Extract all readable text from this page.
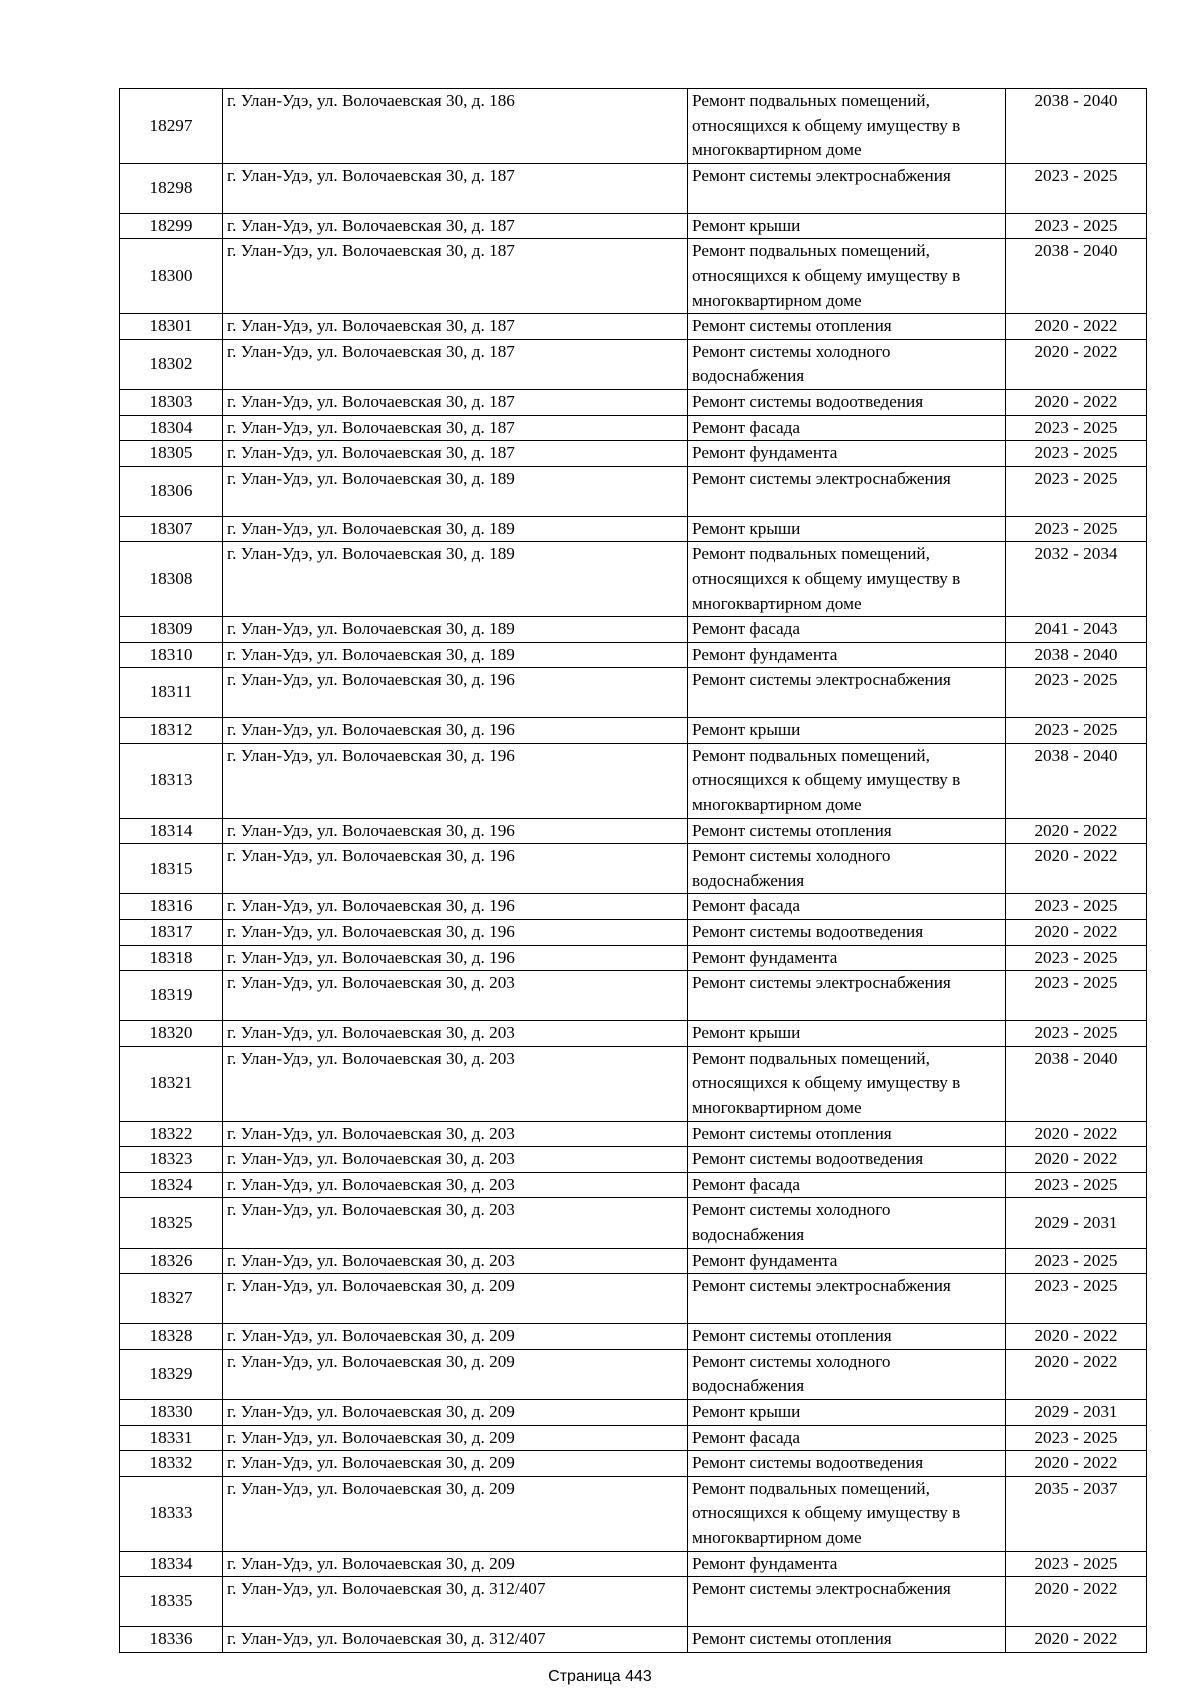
18297	г. Улан-Удэ, ул. Волочаевская 30, д. 186	Ремонт подвальных помещений, относящихся к общему имуществу в многоквартирном доме	2038 - 2040
18298	г. Улан-Удэ, ул. Волочаевская 30, д. 187	Ремонт системы электроснабжения	2023 - 2025
18299	г. Улан-Удэ, ул. Волочаевская 30, д. 187	Ремонт крыши	2023 - 2025
18300	г. Улан-Удэ, ул. Волочаевская 30, д. 187	Ремонт подвальных помещений, относящихся к общему имуществу в многоквартирном доме	2038 - 2040
18301	г. Улан-Удэ, ул. Волочаевская 30, д. 187	Ремонт системы отопления	2020 - 2022
18302	г. Улан-Удэ, ул. Волочаевская 30, д. 187	Ремонт системы холодного водоснабжения	2020 - 2022
18303	г. Улан-Удэ, ул. Волочаевская 30, д. 187	Ремонт системы водоотведения	2020 - 2022
18304	г. Улан-Удэ, ул. Волочаевская 30, д. 187	Ремонт фасада	2023 - 2025
18305	г. Улан-Удэ, ул. Волочаевская 30, д. 187	Ремонт фундамента	2023 - 2025
18306	г. Улан-Удэ, ул. Волочаевская 30, д. 189	Ремонт системы электроснабжения	2023 - 2025
18307	г. Улан-Удэ, ул. Волочаевская 30, д. 189	Ремонт крыши	2023 - 2025
18308	г. Улан-Удэ, ул. Волочаевская 30, д. 189	Ремонт подвальных помещений, относящихся к общему имуществу в многоквартирном доме	2032 - 2034
18309	г. Улан-Удэ, ул. Волочаевская 30, д. 189	Ремонт фасада	2041 - 2043
18310	г. Улан-Удэ, ул. Волочаевская 30, д. 189	Ремонт фундамента	2038 - 2040
18311	г. Улан-Удэ, ул. Волочаевская 30, д. 196	Ремонт системы электроснабжения	2023 - 2025
18312	г. Улан-Удэ, ул. Волочаевская 30, д. 196	Ремонт крыши	2023 - 2025
18313	г. Улан-Удэ, ул. Волочаевская 30, д. 196	Ремонт подвальных помещений, относящихся к общему имуществу в многоквартирном доме	2038 - 2040
18314	г. Улан-Удэ, ул. Волочаевская 30, д. 196	Ремонт системы отопления	2020 - 2022
18315	г. Улан-Удэ, ул. Волочаевская 30, д. 196	Ремонт системы холодного водоснабжения	2020 - 2022
18316	г. Улан-Удэ, ул. Волочаевская 30, д. 196	Ремонт фасада	2023 - 2025
18317	г. Улан-Удэ, ул. Волочаевская 30, д. 196	Ремонт системы водоотведения	2020 - 2022
18318	г. Улан-Удэ, ул. Волочаевская 30, д. 196	Ремонт фундамента	2023 - 2025
18319	г. Улан-Удэ, ул. Волочаевская 30, д. 203	Ремонт системы электроснабжения	2023 - 2025
18320	г. Улан-Удэ, ул. Волочаевская 30, д. 203	Ремонт крыши	2023 - 2025
18321	г. Улан-Удэ, ул. Волочаевская 30, д. 203	Ремонт подвальных помещений, относящихся к общему имуществу в многоквартирном доме	2038 - 2040
18322	г. Улан-Удэ, ул. Волочаевская 30, д. 203	Ремонт системы отопления	2020 - 2022
18323	г. Улан-Удэ, ул. Волочаевская 30, д. 203	Ремонт системы водоотведения	2020 - 2022
18324	г. Улан-Удэ, ул. Волочаевская 30, д. 203	Ремонт фасада	2023 - 2025
18325	г. Улан-Удэ, ул. Волочаевская 30, д. 203	Ремонт системы холодного водоснабжения	2029 - 2031
18326	г. Улан-Удэ, ул. Волочаевская 30, д. 203	Ремонт фундамента	2023 - 2025
18327	г. Улан-Удэ, ул. Волочаевская 30, д. 209	Ремонт системы электроснабжения	2023 - 2025
18328	г. Улан-Удэ, ул. Волочаевская 30, д. 209	Ремонт системы отопления	2020 - 2022
18329	г. Улан-Удэ, ул. Волочаевская 30, д. 209	Ремонт системы холодного водоснабжения	2020 - 2022
18330	г. Улан-Удэ, ул. Волочаевская 30, д. 209	Ремонт крыши	2029 - 2031
18331	г. Улан-Удэ, ул. Волочаевская 30, д. 209	Ремонт фасада	2023 - 2025
18332	г. Улан-Удэ, ул. Волочаевская 30, д. 209	Ремонт системы водоотведения	2020 - 2022
18333	г. Улан-Удэ, ул. Волочаевская 30, д. 209	Ремонт подвальных помещений, относящихся к общему имуществу в многоквартирном доме	2035 - 2037
18334	г. Улан-Удэ, ул. Волочаевская 30, д. 209	Ремонт фундамента	2023 - 2025
18335	г. Улан-Удэ, ул. Волочаевская 30, д. 312/407	Ремонт системы электроснабжения	2020 - 2022
18336	г. Улан-Удэ, ул. Волочаевская 30, д. 312/407	Ремонт системы отопления	2020 - 2022
Страница 443
